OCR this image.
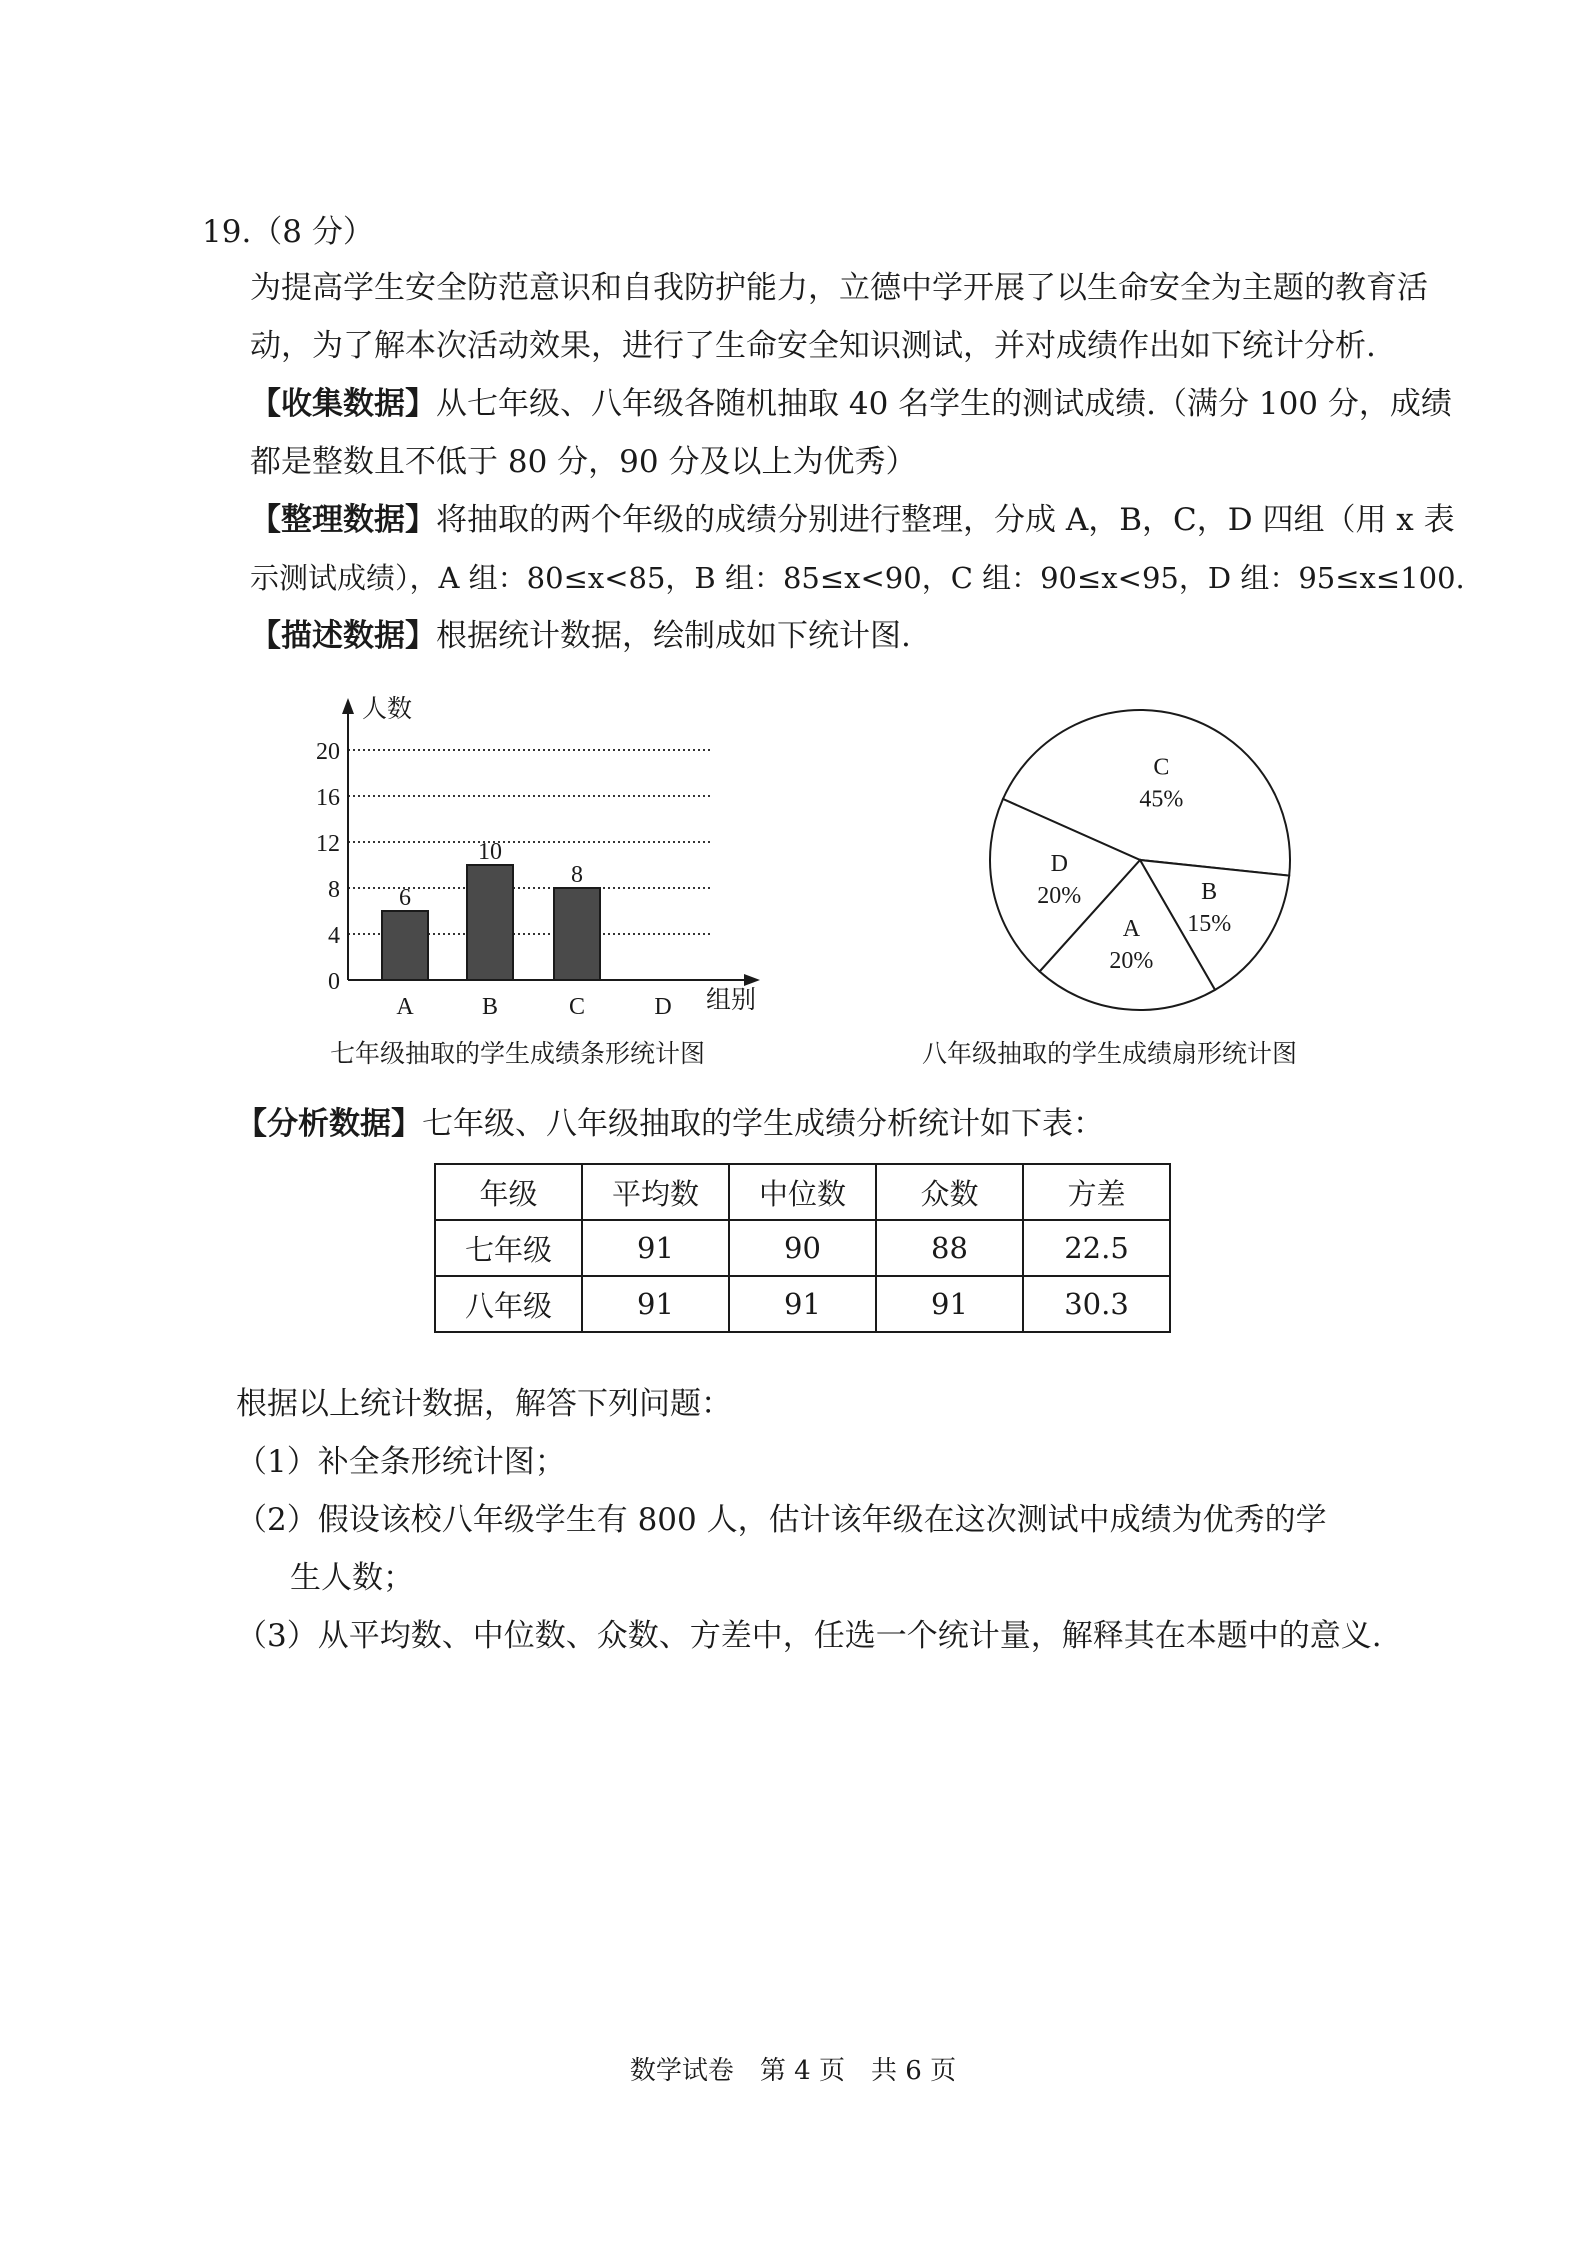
19.（8 分）
为提高学生安全防范意识和自我防护能力，立德中学开展了以生命安全为主题的教育活
动，为了解本次活动效果，进行了生命安全知识测试，并对成绩作出如下统计分析.
【收集数据】从七年级、八年级各随机抽取 40 名学生的测试成绩.（满分 100 分，成绩
都是整数且不低于 80 分，90 分及以上为优秀）
【整理数据】将抽取的两个年级的成绩分别进行整理，分成 A，B，C，D 四组（用 x 表
示测试成绩），A 组：80≤x<85，B 组：85≤x<90，C 组：90≤x<95，D 组：95≤x≤100.
【描述数据】根据统计数据，绘制成如下统计图.
0
4
8
12
16
20
6
10
8
A	B	C	D
人数
组别
七年级抽取的学生成绩条形统计图
C
45%
B
15%
A
20%
D
20%
八年级抽取的学生成绩扇形统计图
【分析数据】七年级、八年级抽取的学生成绩分析统计如下表：
年级	平均数	中位数	众数	方差
七年级	91	90	88	22.5
八年级	91	91	91	30.3
根据以上统计数据，解答下列问题：
（1）补全条形统计图；
（2）假设该校八年级学生有 800 人，估计该年级在这次测试中成绩为优秀的学
生人数；
（3）从平均数、中位数、众数、方差中，任选一个统计量，解释其在本题中的意义.
数学试卷　第 4 页　共 6 页
